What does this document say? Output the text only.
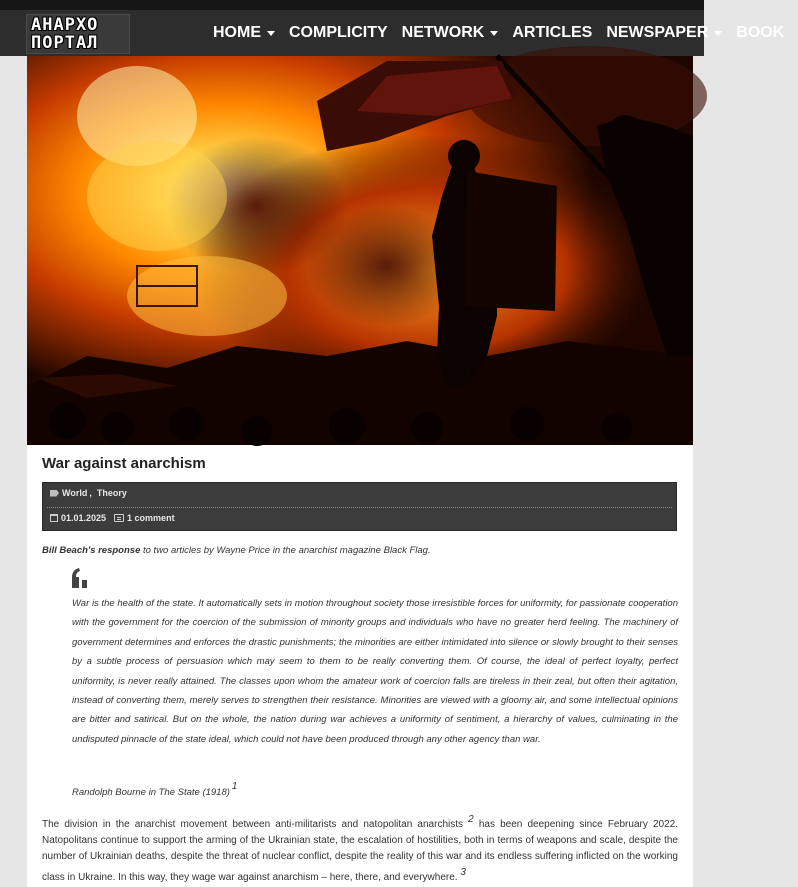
АНАРХО
ПОРТАЛ
HOME COMPLICITY NETWORK ARTICLES NEWSPAPER BOOK
War against anarchism
World , Theory
01.01.2025 1 comment
Bill Beach's response to two articles by Wayne Price in the anarchist magazine Black Flag.
War is the health of the state. It automatically sets in motion throughout society those irresistible forces for uniformity, for passionate cooperation with the government for the coercion of the submission of minority groups and individuals who have no greater herd feeling. The machinery of government determines and enforces the drastic punishments; the minorities are either intimidated into silence or slowly brought to their senses by a subtle process of persuasion which may seem to them to be really converting them. Of course, the ideal of perfect loyalty, perfect uniformity, is never really attained. The classes upon whom the amateur work of coercion falls are tireless in their zeal, but often their agitation, instead of converting them, merely serves to strengthen their resistance. Minorities are viewed with a gloomy air, and some intellectual opinions are bitter and satirical. But on the whole, the nation during war achieves a uniformity of sentiment, a hierarchy of values, culminating in the undisputed pinnacle of the state ideal, which could not have been produced through any other agency than war.
Randolph Bourne in The State $(1918)^1$
The division in the anarchist movement between anti-militarists and natopolitan anarchists $^2$ has been deepening since February 2022. Natopolitans continue to support the arming of the Ukrainian state, the escalation of hostilities, both in terms of weapons and scale, despite the number of Ukrainian deaths, despite the threat of nuclear conflict, despite the reality of this war and its endless suffering inflicted on the working class in Ukraine. In this way, they wage war against anarchism – here, there, and everywhere. $^3$
